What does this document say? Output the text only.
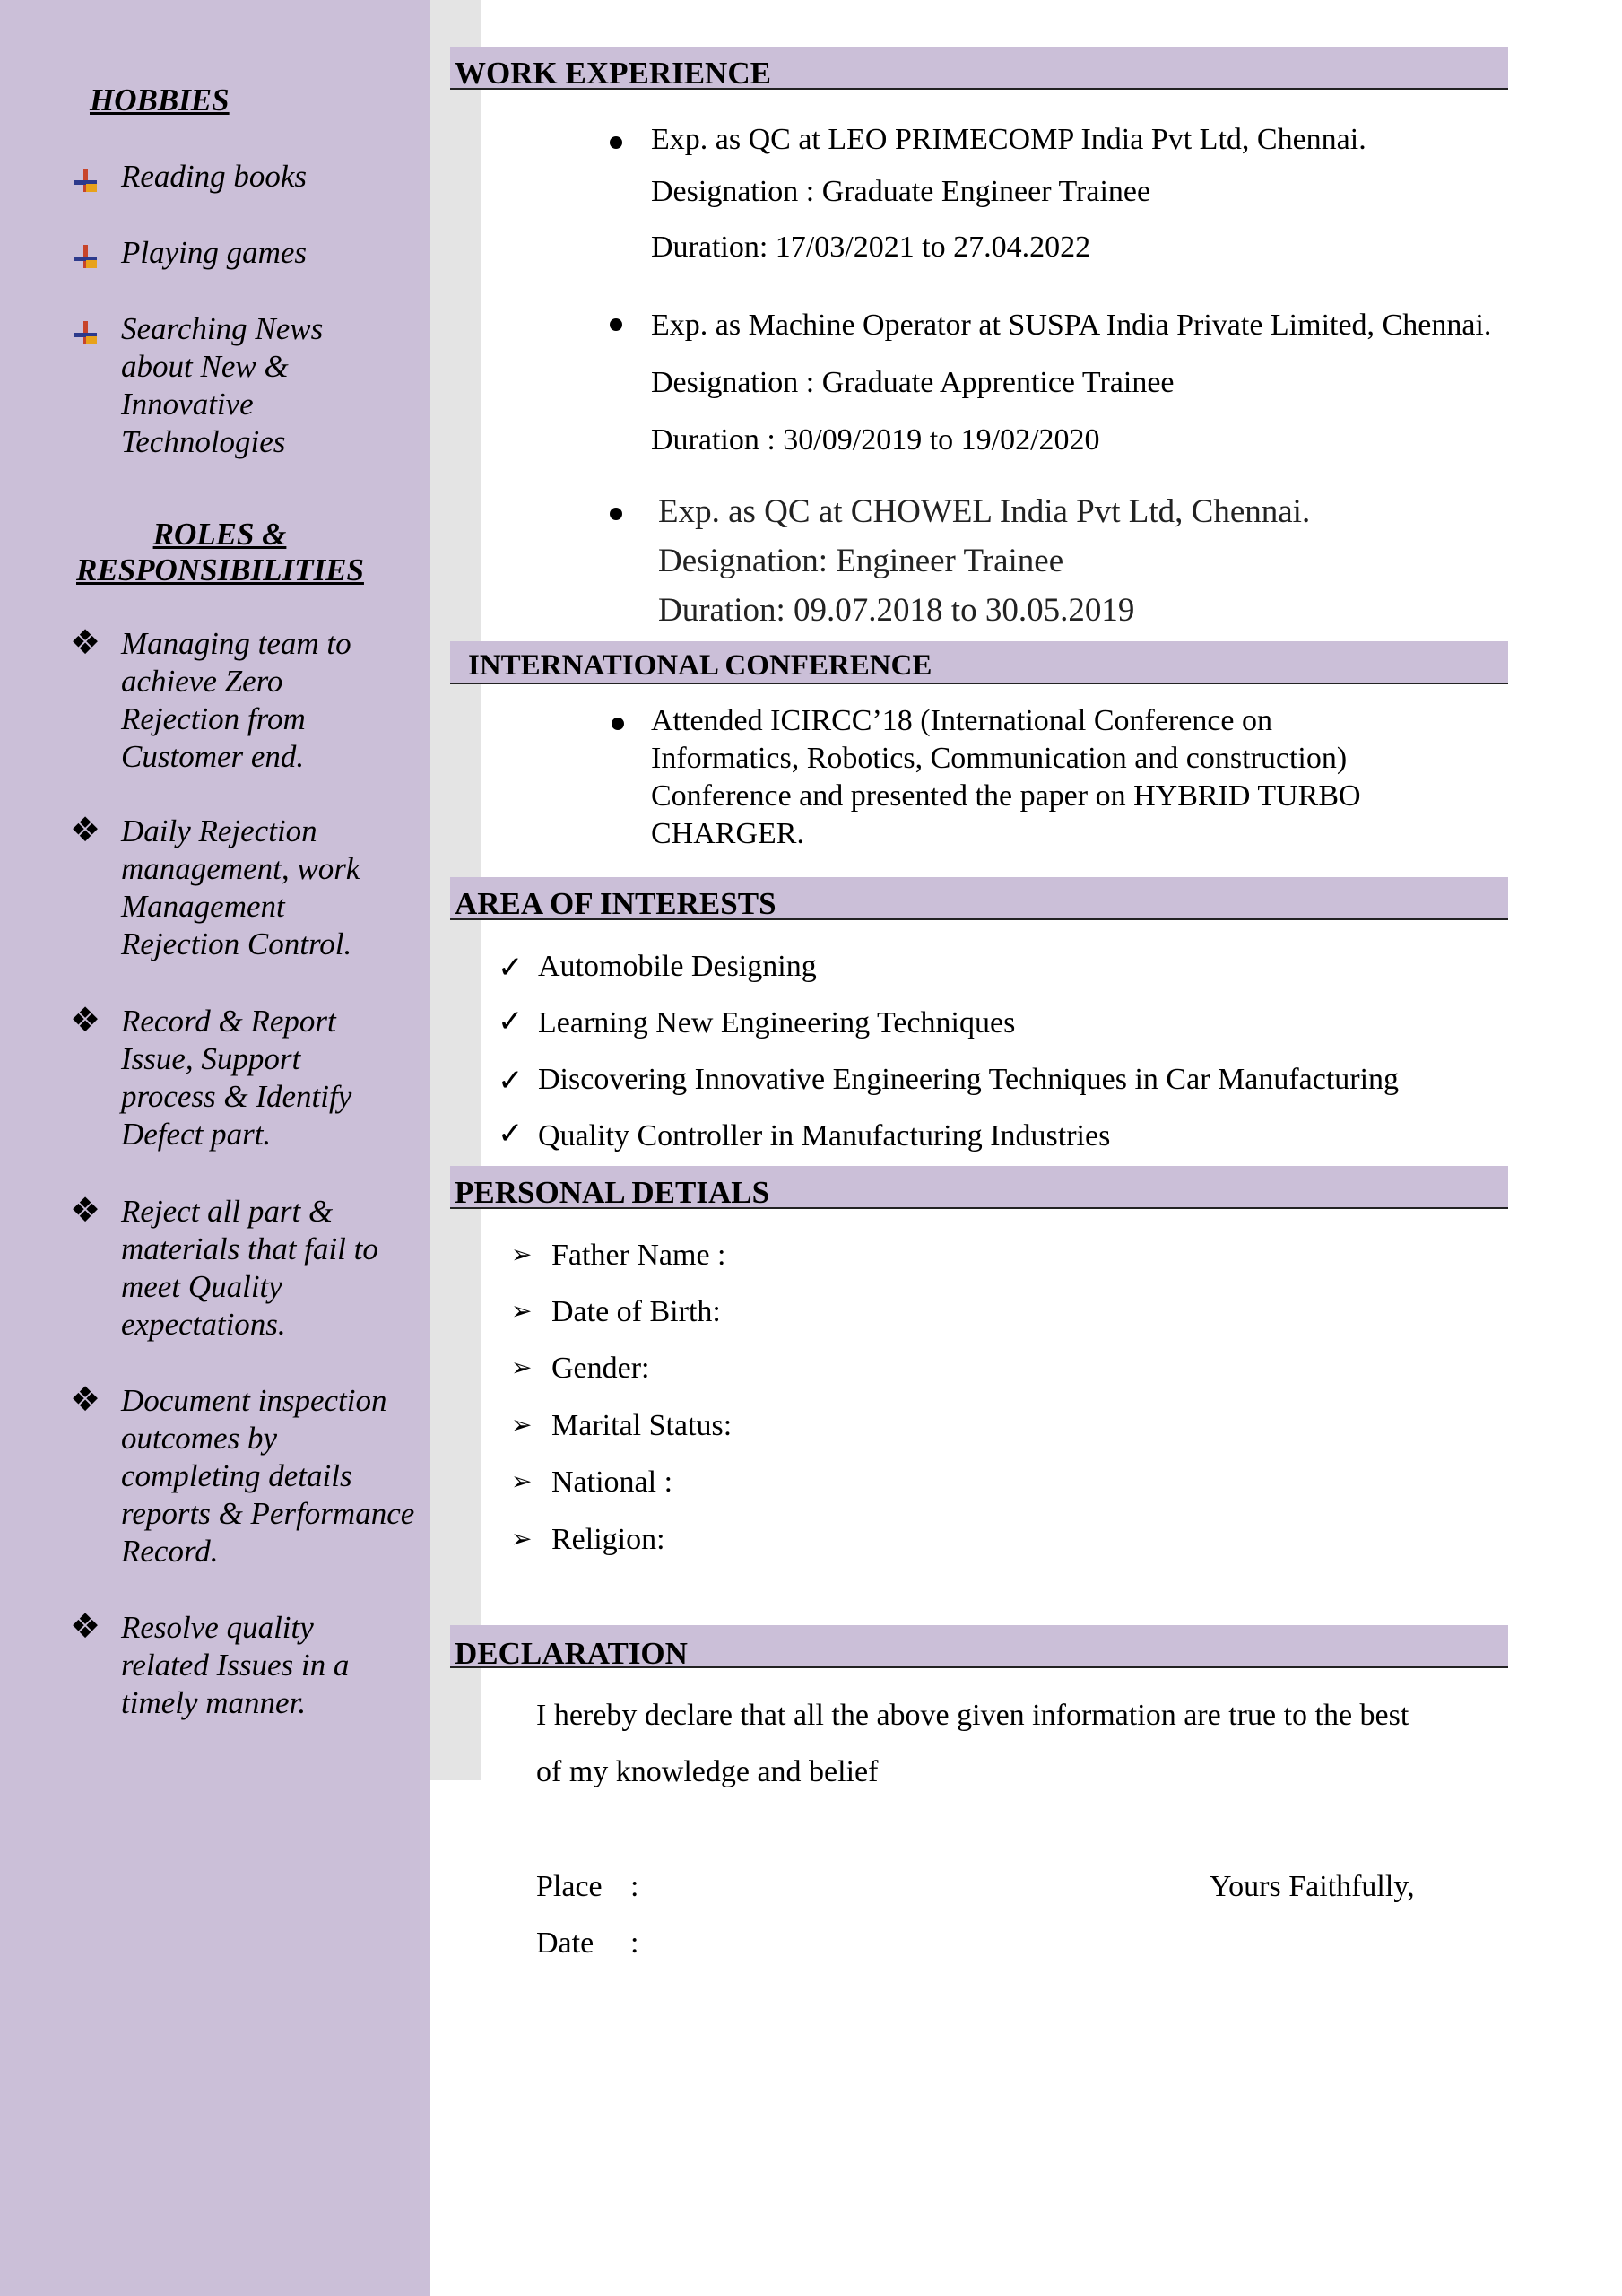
HOBBIES
Reading books
Playing games
Searching News about New & Innovative Technologies
ROLES &
RESPONSIBILITIES
❖ Managing team to achieve Zero Rejection from Customer end.
❖ Daily Rejection management, work Management Rejection Control.
❖ Record & Report Issue, Support process & Identify Defect part.
❖ Reject all part & materials that fail to meet Quality expectations.
❖ Document inspection outcomes by completing details reports & Performance Record.
❖ Resolve quality related Issues in a timely manner.
WORK EXPERIENCE
Exp. as QC at LEO PRIMECOMP India Pvt Ltd, Chennai.
Designation : Graduate Engineer Trainee
Duration: 17/03/2021 to 27.04.2022
Exp. as Machine Operator at SUSPA India Private Limited, Chennai.
Designation : Graduate Apprentice Trainee
Duration : 30/09/2019 to 19/02/2020
Exp. as QC at CHOWEL India Pvt Ltd, Chennai.
Designation: Engineer Trainee
Duration: 09.07.2018 to 30.05.2019
INTERNATIONAL CONFERENCE
Attended ICIRCC’18 (International Conference on
Informatics, Robotics, Communication and construction)
Conference and presented the paper on HYBRID TURBO
CHARGER.
AREA OF INTERESTS
✓ Automobile Designing
✓ Learning New Engineering Techniques
✓ Discovering Innovative Engineering Techniques in Car Manufacturing
✓ Quality Controller in Manufacturing Industries
PERSONAL DETIALS
➢ Father Name :
➢ Date of Birth:
➢ Gender:
➢ Marital Status:
➢ National :
➢ Religion:
DECLARATION
I hereby declare that all the above given information are true to the best
of my knowledge and belief
Place :	Yours Faithfully,
Date :
